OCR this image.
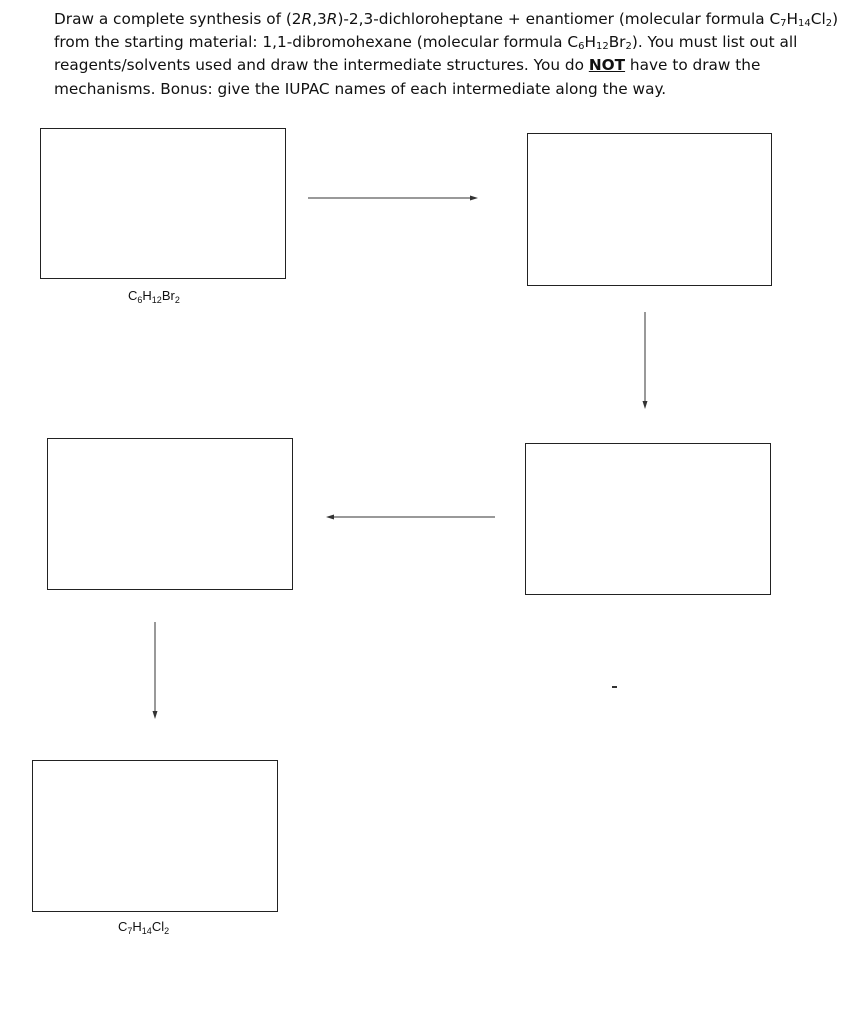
Draw a complete synthesis of (2R,3R)-2,3-dichloroheptane + enantiomer (molecular formula $C_7H_{14}Cl_2$) from the starting material: 1,1-dibromohexane (molecular formula $C_6H_{12}Br_2$). You must list out all reagents/solvents used and draw the intermediate structures. You do NOT have to draw the mechanisms. Bonus: give the IUPAC names of each intermediate along the way.

$C_6H_{12}Br_2$
$C_7H_{14}Cl_2$
